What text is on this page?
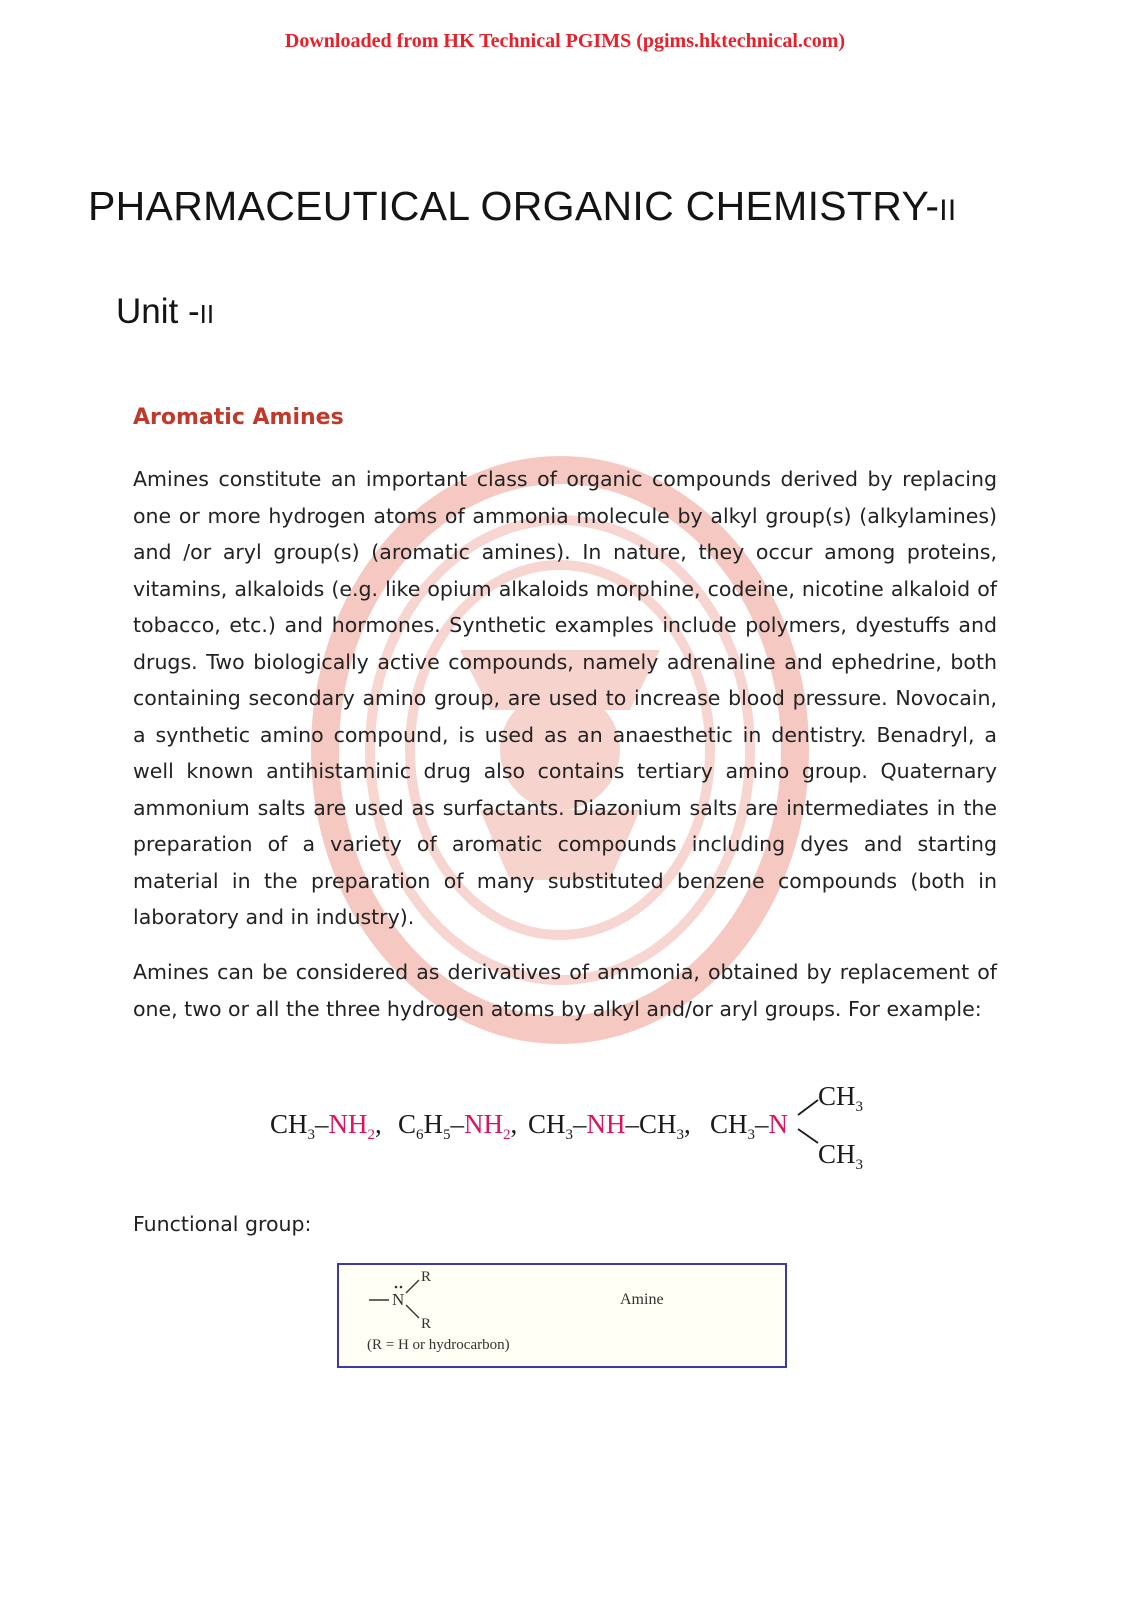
Downloaded from HK Technical PGIMS (pgims.hktechnical.com)
PHARMACEUTICAL ORGANIC CHEMISTRY-II
Unit -II
Aromatic Amines

Amines constitute an important class of organic compounds derived by replacing one or more hydrogen atoms of ammonia molecule by alkyl group(s) (alkylamines) and /or aryl group(s) (aromatic amines). In nature, they occur among proteins, vitamins, alkaloids (e.g. like opium alkaloids morphine, codeine, nicotine alkaloid of tobacco, etc.) and hormones. Synthetic examples include polymers, dyestuffs and drugs. Two biologically active compounds, namely adrenaline and ephedrine, both containing secondary amino group, are used to increase blood pressure. Novocain, a synthetic amino compound, is used as an anaesthetic in dentistry. Benadryl, a well known antihistaminic drug also contains tertiary amino group. Quaternary ammonium salts are used as surfactants. Diazonium salts are intermediates in the preparation of a variety of aromatic compounds including dyes and starting material in the preparation of many substituted benzene compounds (both in laboratory and in industry).

Amines can be considered as derivatives of ammonia, obtained by replacement of one, two or all the three hydrogen atoms by alkyl and/or aryl groups. For example:

$CH_3-NH_2$, $C_6H_5-NH_2$, $CH_3-NH-CH_3$, $CH_3-N$
$CH_3$
$CH_3$
Functional group:
N
R
R
Amine
(R = H or hydrocarbon)
